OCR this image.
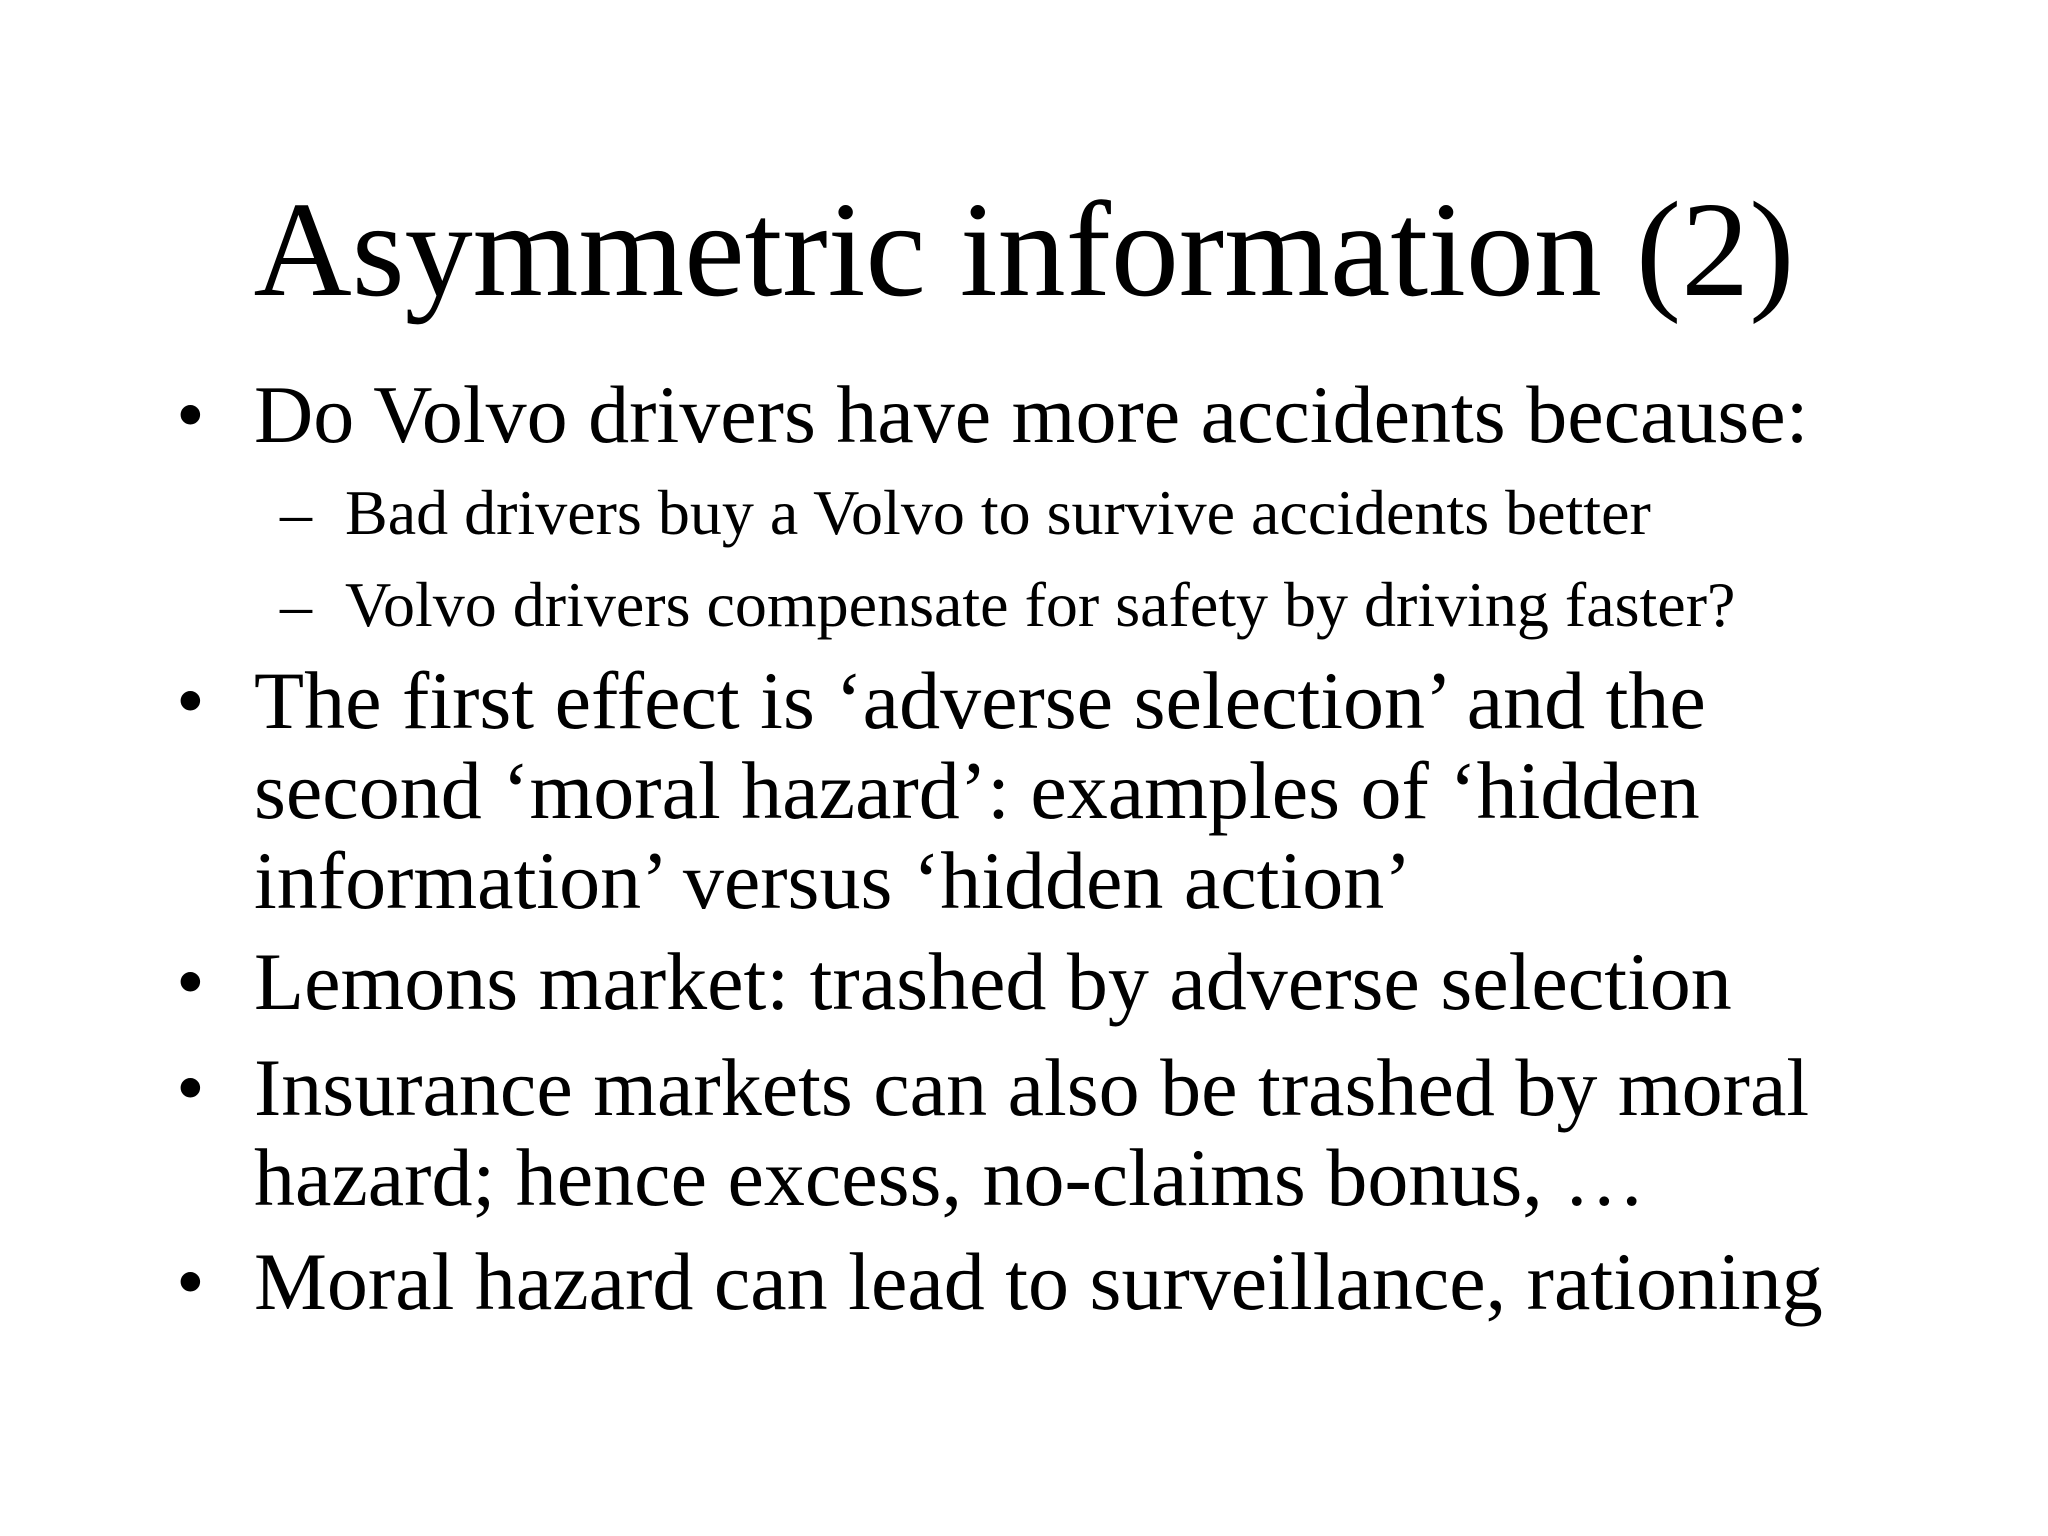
Asymmetric information (2)
• Do Volvo drivers have more accidents because:
– Bad drivers buy a Volvo to survive accidents better
– Volvo drivers compensate for safety by driving faster?
• The first effect is ‘adverse selection’ and the
second ‘moral hazard’: examples of ‘hidden
information’ versus ‘hidden action’
• Lemons market: trashed by adverse selection
• Insurance markets can also be trashed by moral
hazard; hence excess, no-claims bonus, …
• Moral hazard can lead to surveillance, rationing
